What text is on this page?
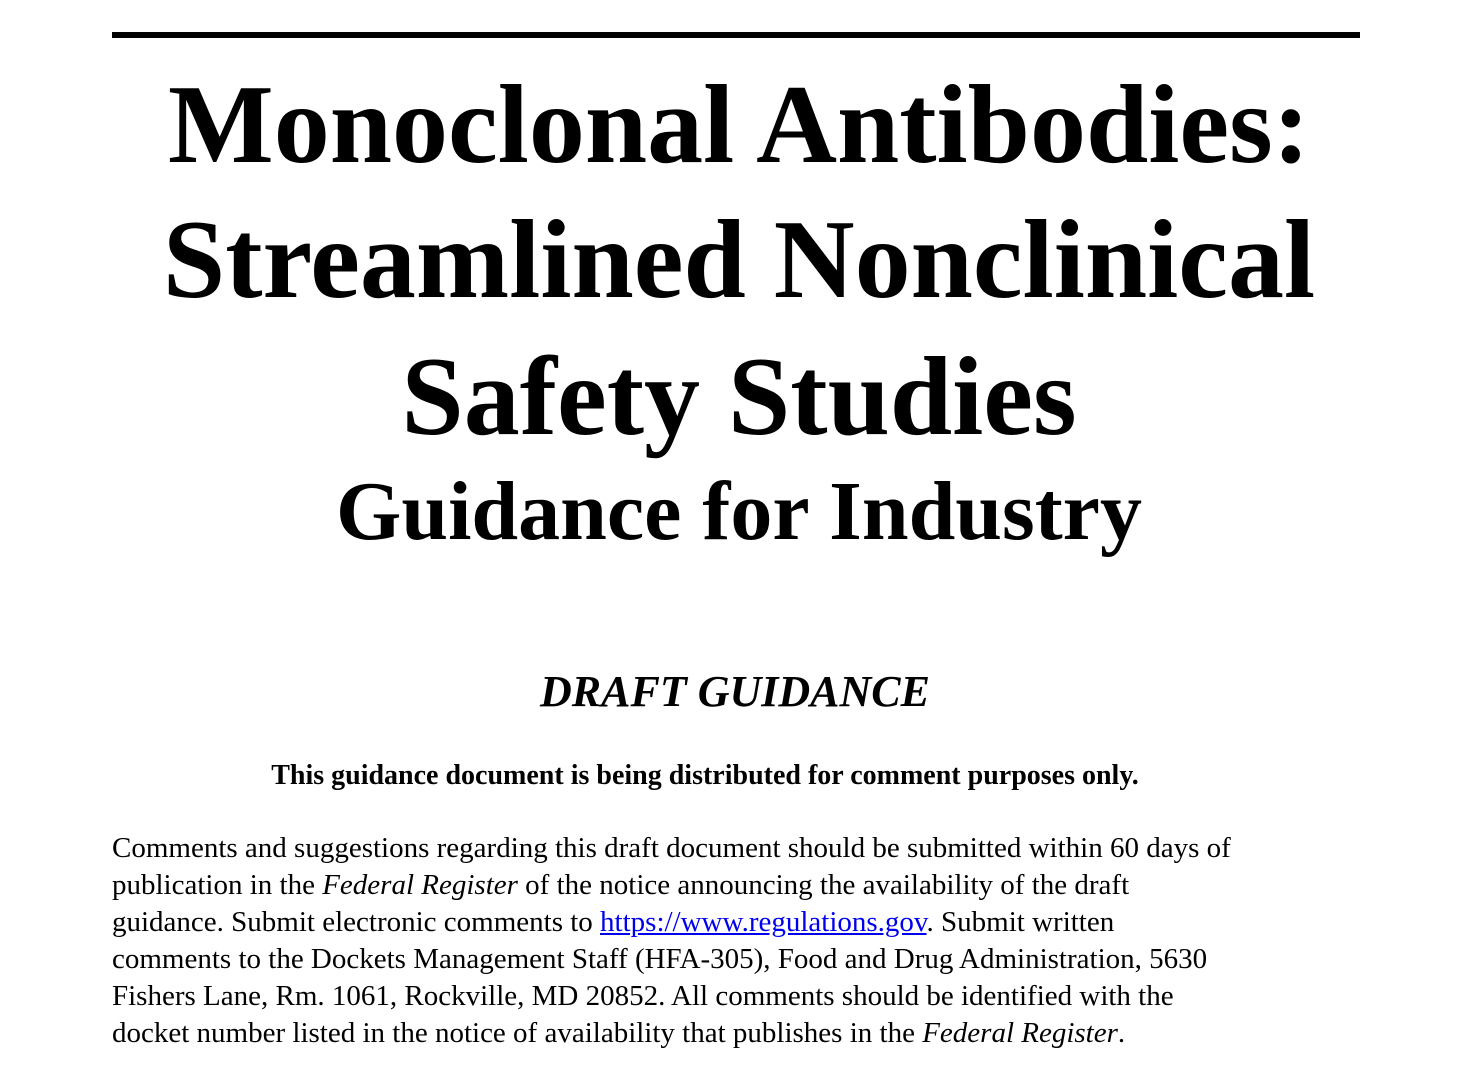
Monoclonal Antibodies:
Streamlined Nonclinical
Safety Studies
Guidance for Industry
DRAFT GUIDANCE
This guidance document is being distributed for comment purposes only.

Comments and suggestions regarding this draft document should be submitted within 60 days of
publication in the Federal Register of the notice announcing the availability of the draft
guidance. Submit electronic comments to https://www.regulations.gov. Submit written
comments to the Dockets Management Staff (HFA-305), Food and Drug Administration, 5630
Fishers Lane, Rm. 1061, Rockville, MD 20852. All comments should be identified with the
docket number listed in the notice of availability that publishes in the Federal Register.
